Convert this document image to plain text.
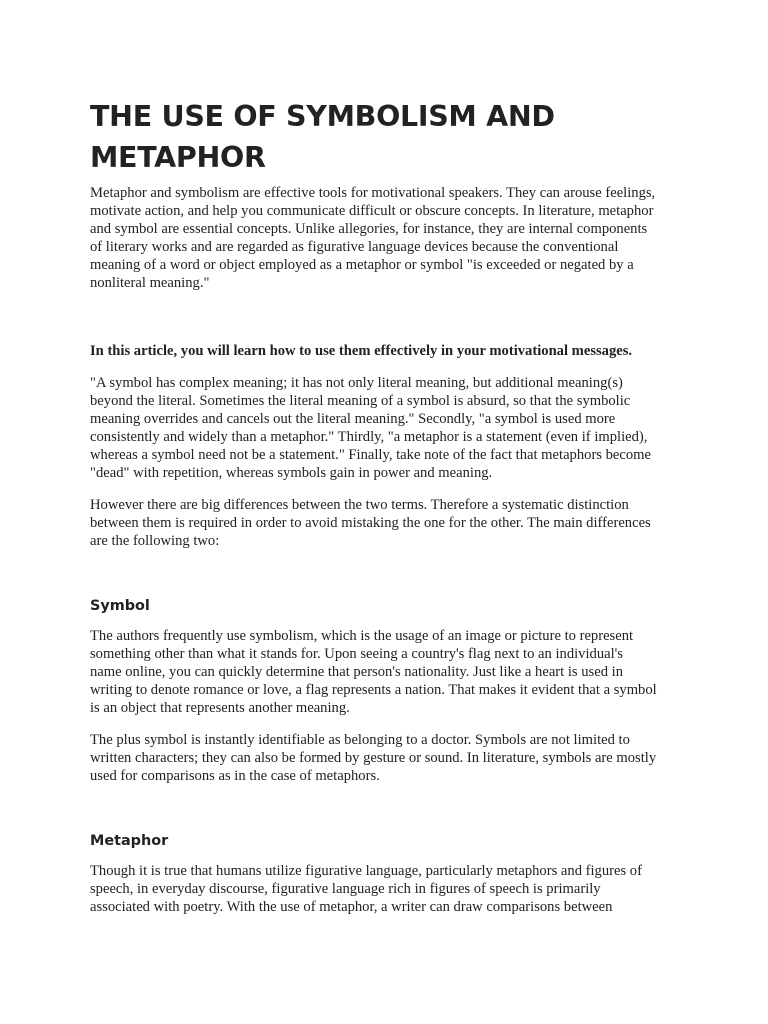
THE USE OF SYMBOLISM AND METAPHOR

Metaphor and symbolism are effective tools for motivational speakers. They can arouse feelings, motivate action, and help you communicate difficult or obscure concepts. In literature, metaphor and symbol are essential concepts. Unlike allegories, for instance, they are internal components of literary works and are regarded as figurative language devices because the conventional meaning of a word or object employed as a metaphor or symbol "is exceeded or negated by a nonliteral meaning."

In this article, you will learn how to use them effectively in your motivational messages.

"A symbol has complex meaning; it has not only literal meaning, but additional meaning(s) beyond the literal. Sometimes the literal meaning of a symbol is absurd, so that the symbolic meaning overrides and cancels out the literal meaning." Secondly, "a symbol is used more consistently and widely than a metaphor." Thirdly, "a metaphor is a statement (even if implied), whereas a symbol need not be a statement." Finally, take note of the fact that metaphors become "dead" with repetition, whereas symbols gain in power and meaning.

However there are big differences between the two terms. Therefore a systematic distinction between them is required in order to avoid mistaking the one for the other. The main differences are the following two:

Symbol

The authors frequently use symbolism, which is the usage of an image or picture to represent something other than what it stands for. Upon seeing a country's flag next to an individual's name online, you can quickly determine that person's nationality. Just like a heart is used in writing to denote romance or love, a flag represents a nation. That makes it evident that a symbol is an object that represents another meaning.

The plus symbol is instantly identifiable as belonging to a doctor. Symbols are not limited to written characters; they can also be formed by gesture or sound. In literature, symbols are mostly used for comparisons as in the case of metaphors.

Metaphor

Though it is true that humans utilize figurative language, particularly metaphors and figures of speech, in everyday discourse, figurative language rich in figures of speech is primarily associated with poetry. With the use of metaphor, a writer can draw comparisons between
